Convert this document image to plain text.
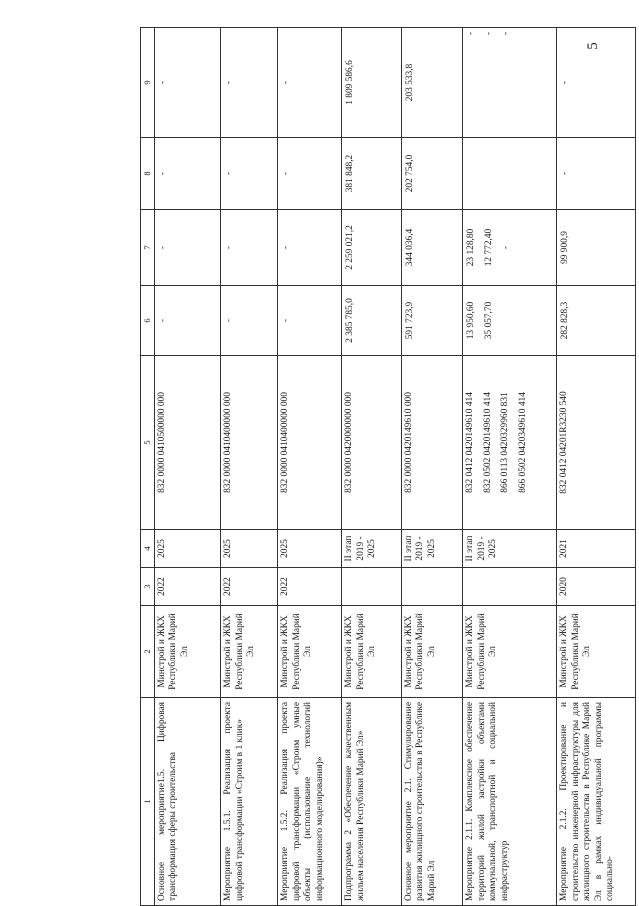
5
1	2	3	4	5	6	7	8	9
Основное мероприятие1.5. Цифровая трансформация сферы строительства	Минстрой и ЖКХ Республики Марий Эл	2022	2025	832 0000 0410500000 000	-	-	-	-
Мероприятие 1.5.1. Реализация проекта цифровой трансформации «Строим в 1 клик»	Минстрой и ЖКХ Республики Марий Эл	2022	2025	832 0000 0410400000 000	-	-	-	-
Мероприятие 1.5.2. Реализация проекта цифровой трансформации «Строим умные объекты (использование технологий информационного моделирования)»	Минстрой и ЖКХ Республики Марий Эл	2022	2025	832 0000 0410400000 000	-	-	-	-
Подпрограмма 2 «Обеспечение качественным жильем населения Республики Марий Эл»	Минстрой и ЖКХ Республики Марий Эл		II этап 2019 - 2025	832 0000 0420000000 000	2 385 785,0	2 259 021,2	381 848,2	1 809 586,6
Основное мероприятие 2.1. Стимулирование развития жилищного строительства в Республике Марий Эл	Минстрой и ЖКХ Республики Марий Эл		II этап 2019 - 2025	832 0000 0420149610 000	591 723,9	344 036,4	202 754,0	203 533,8
Мероприятие 2.1.1. Комплексное обеспечение территорий жилой застройки объектами коммунальной, транспортной и социальной инфраструктур	Минстрой и ЖКХ Республики Марий Эл		II этап 2019 - 2025	832 0412 0420149610 414 832 0502 0420149610 414 866 0113 0420329960 831 866 0502 0420349610 414	13 950,60 35 057,70	23 128,80 12 772,40 -		- - -

Мероприятие 2.1.2. Проектирование и строительство инженерной инфраструктуры для жилищного строительства в Республике Марий Эл в рамках индивидуальной программы социально-	Минстрой и ЖКХ Республики Марий Эл	2020	2021	832 0412 04201R3230 540	282 828,3	99 900,9	-	-
